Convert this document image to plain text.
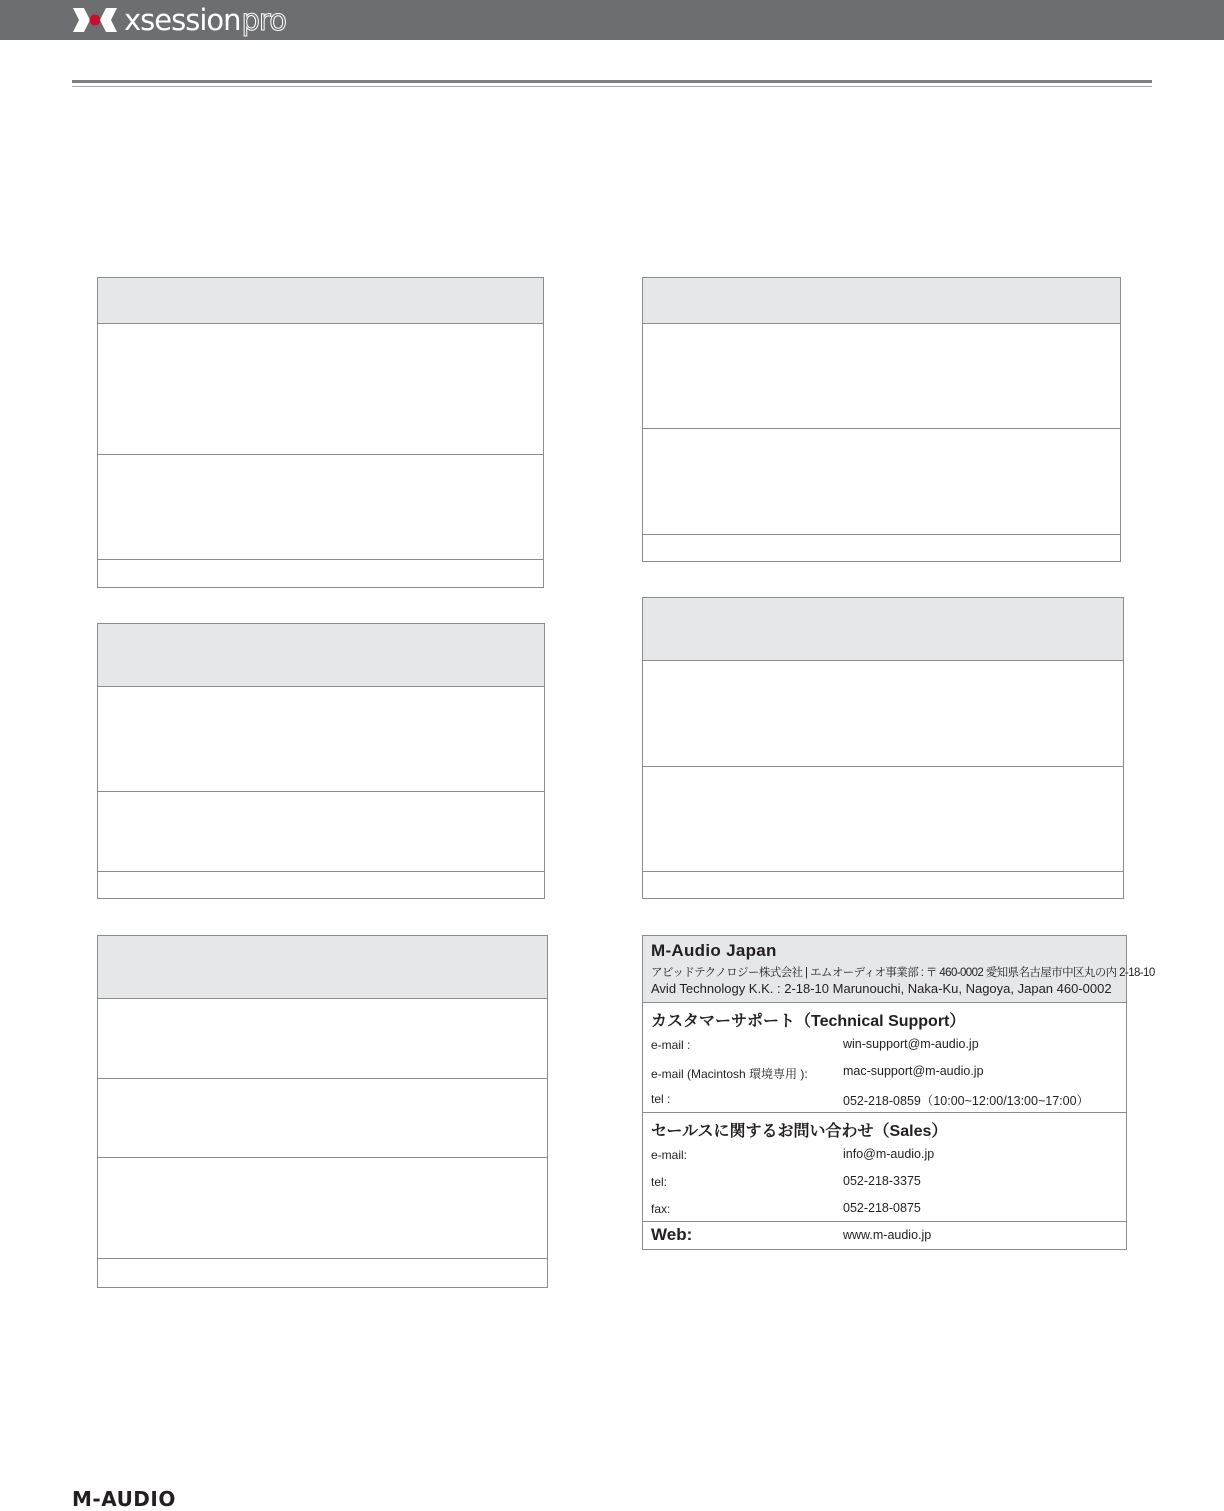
xsession pro
M-Audio Japan
アビッドテクノロジー株式会社 | エムオーディオ事業部 : 〒 460-0002 愛知県名古屋市中区丸の内 2-18-10
Avid Technology K.K. : 2-18-10 Marunouchi, Naka-Ku, Nagoya, Japan 460-0002
カスタマーサポート（Technical Support）
e-mail :	win-support@m-audio.jp
e-mail (Macintosh 環境専用 ):	mac-support@m-audio.jp
tel :	052-218-0859（10:00~12:00/13:00~17:00）
セールスに関するお問い合わせ（Sales）
e-mail:	info@m-audio.jp
tel:	052-218-3375
fax:	052-218-0875
Web:	www.m-audio.jp
M-AUDIO
